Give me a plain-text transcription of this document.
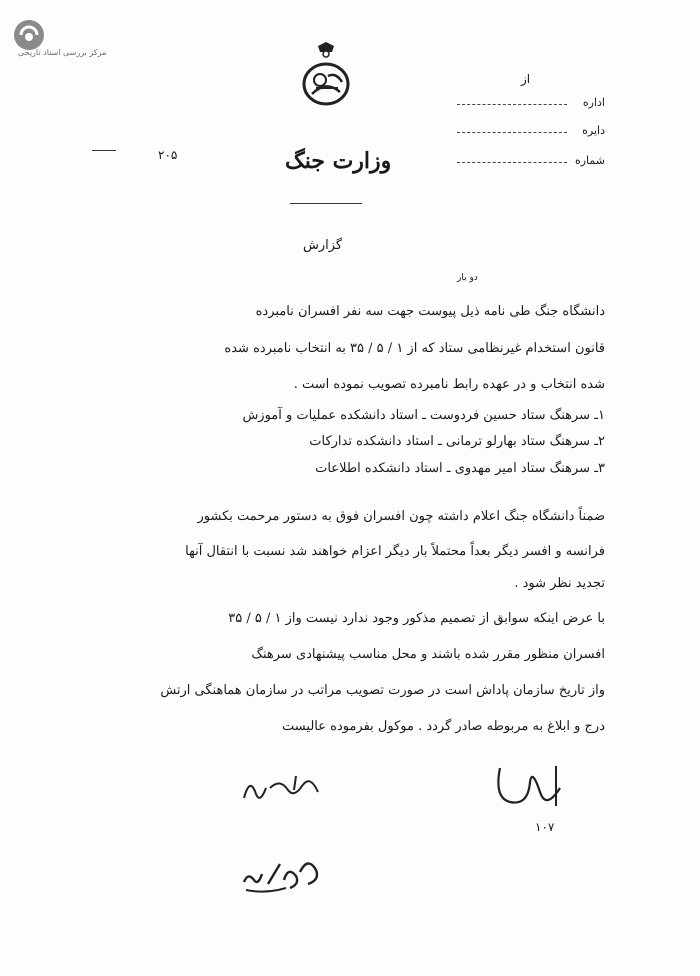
مرکز بررسی اسناد تاریخی
وزارت جنگ
۲۰۵
از
اداره
دایره
شماره
گزارش
دو بار
دانشگاه جنگ طی نامه ذیل پیوست جهت سه نفر افسران نامبرده
قانون استخدام غیرنظامی ستاد که از ۱ / ۵ / ۳۵ به انتخاب نامبرده شده
شده انتخاب و در عهده رابط نامبرده تصویب نموده است .
۱ـ سرهنگ ستاد حسین فردوست ـ استاد دانشکده عملیات و آموزش
۲ـ سرهنگ ستاد بهارلو ترمانی ـ استاد دانشکده تدارکات
۳ـ سرهنگ ستاد امیر مهدوی ـ استاد دانشکده اطلاعات
ضمناً دانشگاه جنگ اعلام داشته چون افسران فوق به دستور مرحمت بکشور
فرانسه و افسر دیگر بعداً محتملاً بار دیگر اعزام خواهند شد نسبت با انتقال آنها
تجدید نظر شود .
با عرض اینکه سوابق از تصمیم مذکور وجود ندارد نیست واز ۱ / ۵ / ۳۵
افسران منظور مقرر شده باشند و محل مناسب پیشنهادی سرهنگ
واز تاریخ سازمان پاداش است در صورت تصویب مراتب در سازمان هماهنگی ارتش
درج و ابلاغ به مربوطه صادر گردد . موکول بفرموده عالیست
۱۰۷
